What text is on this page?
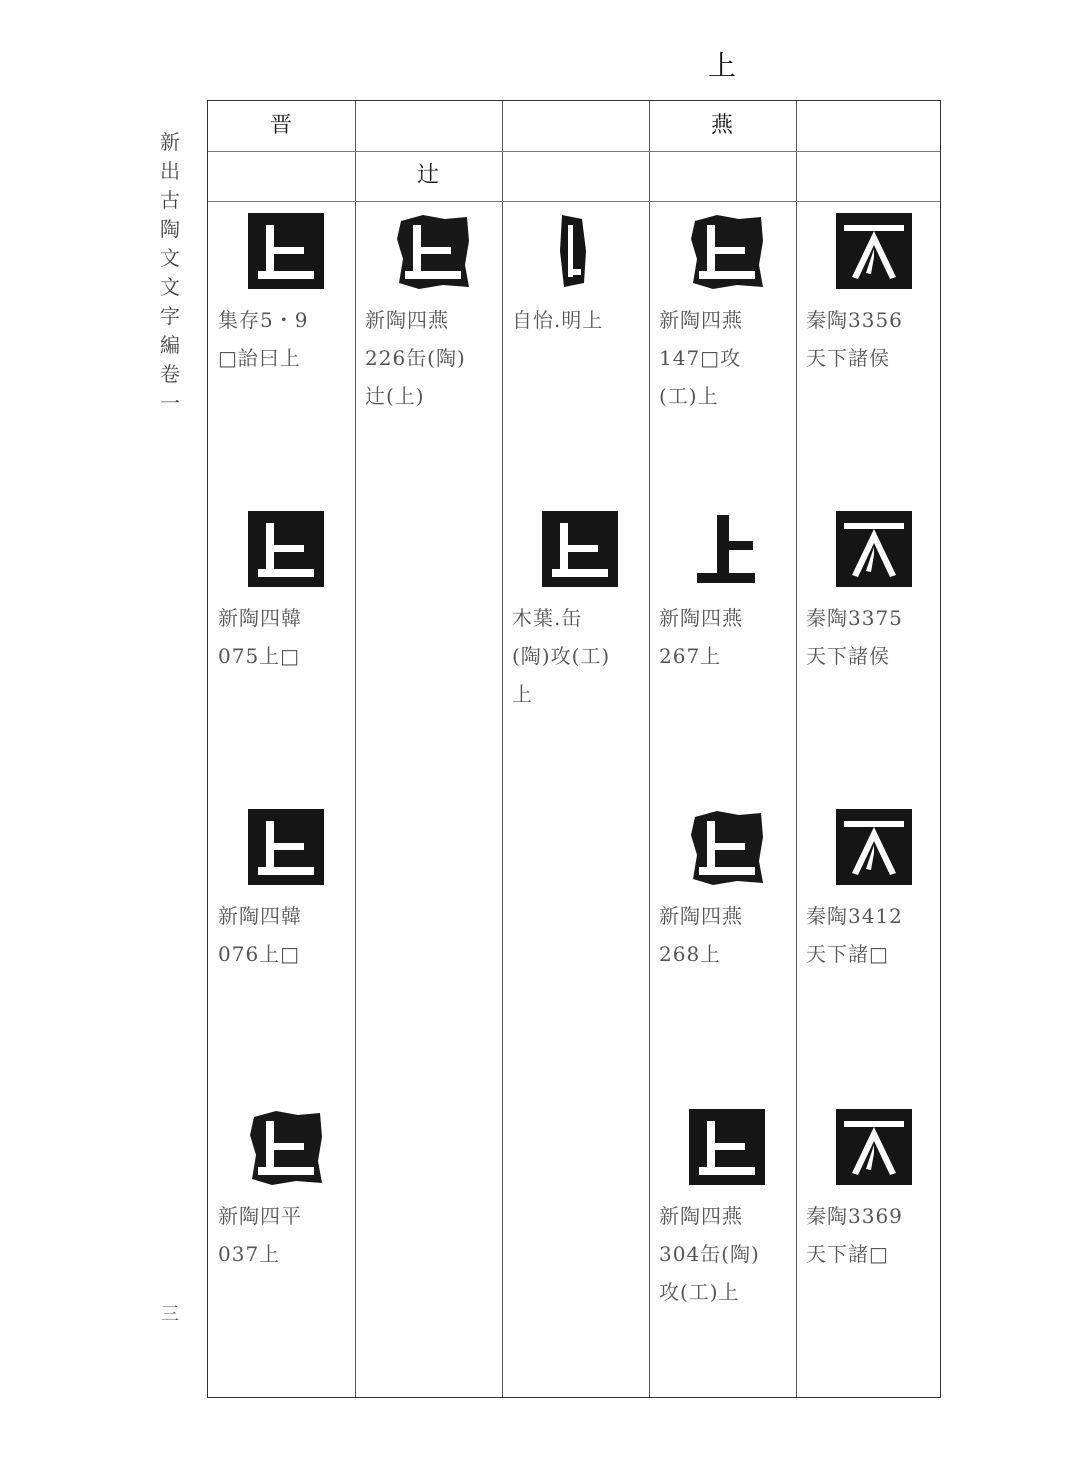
上
新
出
古
陶
文
文
字
編
卷
一
三
晋	燕
辻
集存5・9
□詒曰上
新陶四韓
075上□
新陶四韓
076上□
新陶四平
037上
新陶四燕
226缶(陶)
辻(上)
自怡.明上
木葉.缶
(陶)攻(工)
上
新陶四燕
147□攻
(工)上
新陶四燕
267上
新陶四燕
268上
新陶四燕
304缶(陶)
攻(工)上
秦陶3356
天下諸侯
秦陶3375
天下諸侯
秦陶3412
天下諸□
秦陶3369
天下諸□
